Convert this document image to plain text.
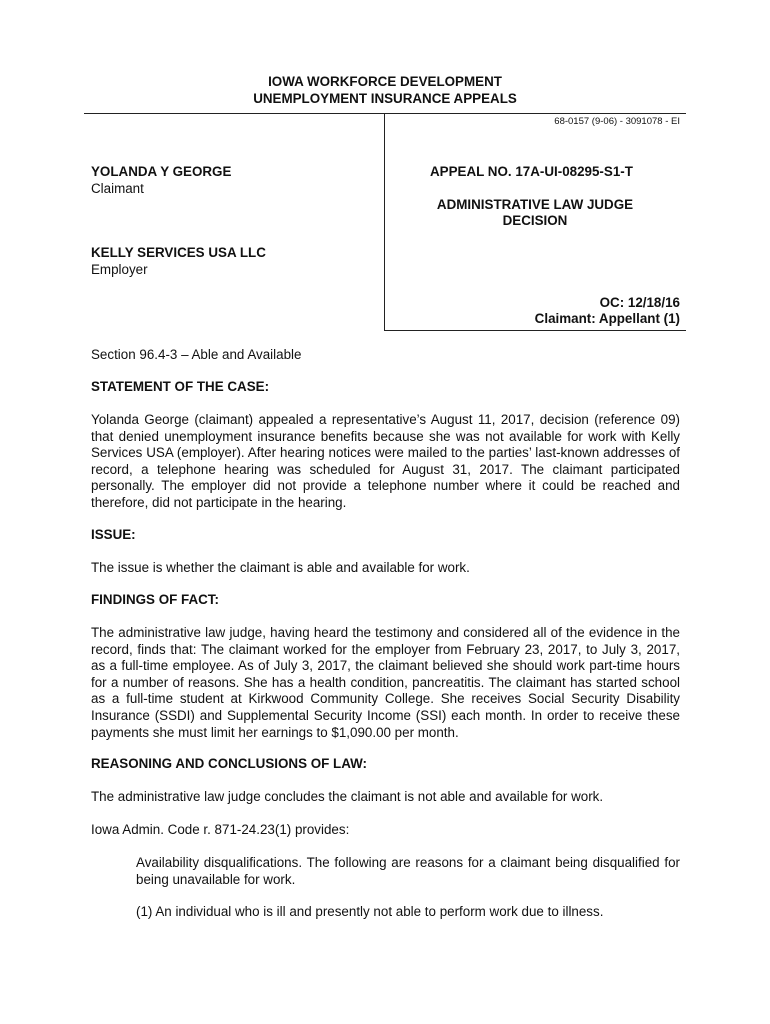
IOWA WORKFORCE DEVELOPMENT
UNEMPLOYMENT INSURANCE APPEALS
68-0157 (9-06) - 3091078 - EI
YOLANDA Y GEORGE
Claimant
KELLY SERVICES USA LLC
Employer
APPEAL NO. 17A-UI-08295-S1-T
ADMINISTRATIVE LAW JUDGE
DECISION
OC: 12/18/16
Claimant: Appellant (1)
Section 96.4-3 – Able and Available
STATEMENT OF THE CASE:
Yolanda George (claimant) appealed a representative’s August 11, 2017, decision (reference 09) that denied unemployment insurance benefits because she was not available for work with Kelly Services USA (employer). After hearing notices were mailed to the parties’ last-known addresses of record, a telephone hearing was scheduled for August 31, 2017. The claimant participated personally. The employer did not provide a telephone number where it could be reached and therefore, did not participate in the hearing.
ISSUE:
The issue is whether the claimant is able and available for work.
FINDINGS OF FACT:
The administrative law judge, having heard the testimony and considered all of the evidence in the record, finds that: The claimant worked for the employer from February 23, 2017, to July 3, 2017, as a full-time employee. As of July 3, 2017, the claimant believed she should work part-time hours for a number of reasons. She has a health condition, pancreatitis. The claimant has started school as a full-time student at Kirkwood Community College. She receives Social Security Disability Insurance (SSDI) and Supplemental Security Income (SSI) each month. In order to receive these payments she must limit her earnings to $1,090.00 per month.
REASONING AND CONCLUSIONS OF LAW:
The administrative law judge concludes the claimant is not able and available for work.
Iowa Admin. Code r. 871-24.23(1) provides:
Availability disqualifications. The following are reasons for a claimant being disqualified for being unavailable for work.
(1) An individual who is ill and presently not able to perform work due to illness.
